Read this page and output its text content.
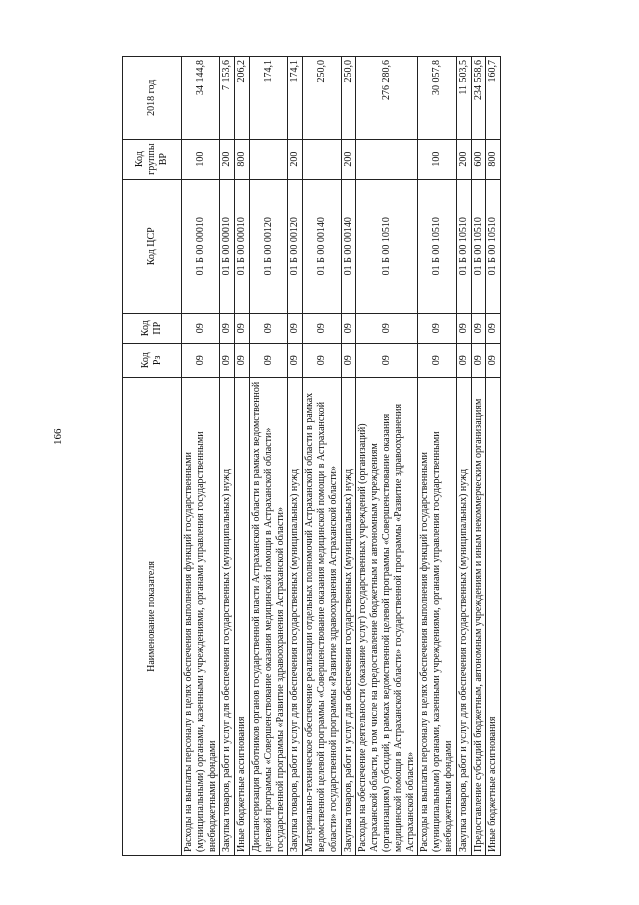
166
Наименование показателя	Код Рз	Код ПР	Код ЦСР	Код группы ВР	2018 год
Расходы на выплаты персоналу в целях обеспечения выполнения функций государственными (муниципальными) органами, казенными учреждениями, органами управления государственными внебюджетными фондами	09	09	01 Б 00 00010	100	34 144,8
Закупка товаров, работ и услуг для обеспечения государственных (муниципальных) нужд	09	09	01 Б 00 00010	200	7 153,6
Иные бюджетные ассигнования	09	09	01 Б 00 00010	800	206,2
Диспансеризация работников органов государственной власти Астраханской области в рамках ведомственной целевой программы «Совершенствование оказания медицинской помощи в Астраханской области» государственной программы «Развитие здравоохранения Астраханской области»	09	09	01 Б 00 00120		174,1
Закупка товаров, работ и услуг для обеспечения государственных (муниципальных) нужд	09	09	01 Б 00 00120	200	174,1
Материально-техническое обеспечение реализации отдельных полномочий Астраханской области в рамках ведомственной целевой программы «Совершенствование оказания медицинской помощи в Астраханской области» государственной программы «Развитие здравоохранения Астраханской области»	09	09	01 Б 00 00140		250,0
Закупка товаров, работ и услуг для обеспечения государственных (муниципальных) нужд	09	09	01 Б 00 00140	200	250,0
Расходы на обеспечение деятельности (оказание услуг) государственных учреждений (организаций) Астраханской области, в том числе на предоставление бюджетным и автономным учреждениям (организациям) субсидий, в рамках ведомственной целевой программы «Совершенствование оказания медицинской помощи в Астраханской области» государственной программы «Развитие здравоохранения Астраханской области»	09	09	01 Б 00 10510		276 280,6
Расходы на выплаты персоналу в целях обеспечения выполнения функций государственными (муниципальными) органами, казенными учреждениями, органами управления государственными внебюджетными фондами	09	09	01 Б 00 10510	100	30 057,8
Закупка товаров, работ и услуг для обеспечения государственных (муниципальных) нужд	09	09	01 Б 00 10510	200	11 503,5
Предоставление субсидий бюджетным, автономным учреждениям и иным некоммерческим организациям	09	09	01 Б 00 10510	600	234 558,6
Иные бюджетные ассигнования	09	09	01 Б 00 10510	800	160,7
